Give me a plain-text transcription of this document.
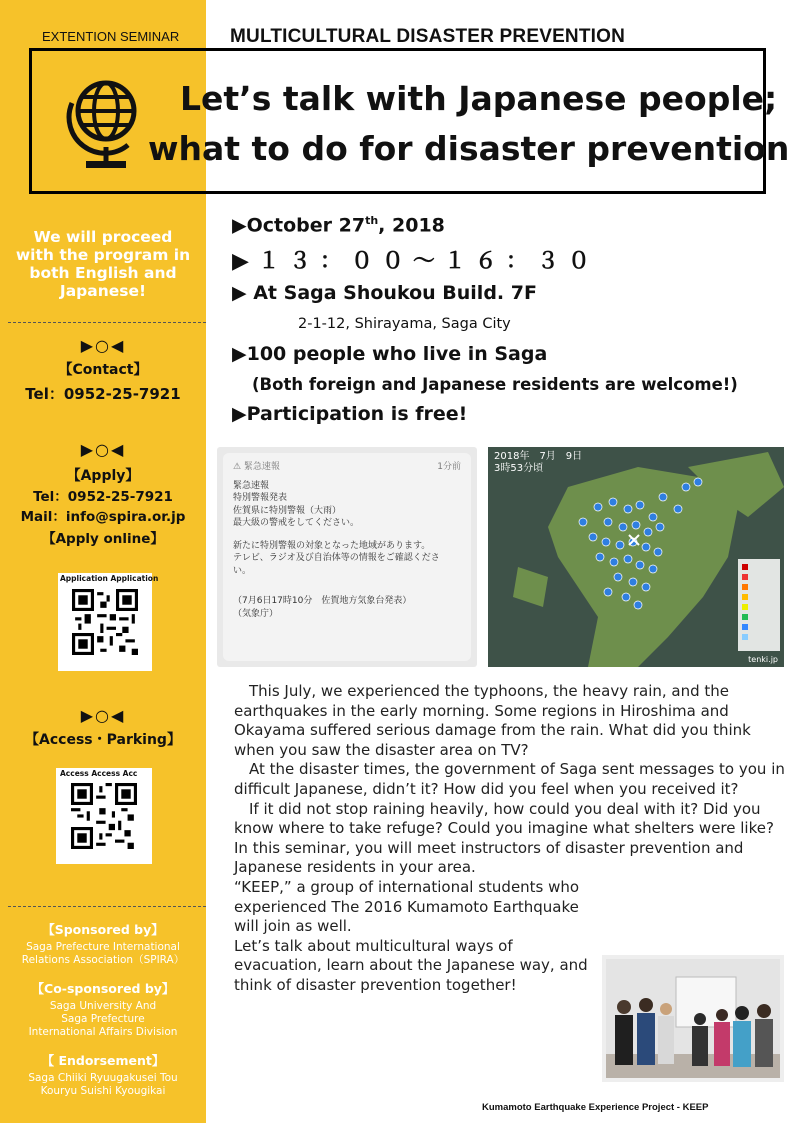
EXTENTION SEMINAR	MULTICULTURAL DISASTER PREVENTION
Let’s talk with Japanese people;
what to do for disaster prevention
We will proceed
with the program in
both English and
Japanese!
▶○◀
【Contact】
Tel：0952-25-7921
▶○◀
【Apply】
Tel：0952-25-7921
Mail：info@spira.or.jp
【Apply online】
Application Application
▶○◀
【Access・Parking】
Access Access Acc
【Sponsored by】
Saga Prefecture International
Relations Association（SPIRA）
【Co-sponsored by】
Saga University And
Saga Prefecture
International Affairs Division
【 Endorsement】
Saga Chiiki Ryuugakusei Tou
Kouryu Suishi Kyougikai
▶October 27th, 2018
▶１３：００～１６：３０
▶ At Saga Shoukou Build. 7F
2-1-12, Shirayama, Saga City
▶100 people who live in Saga
(Both foreign and Japanese residents are welcome!)
▶Participation is free!
⚠ 緊急速報	1分前
緊急速報
特別警報発表
佐賀県に特別警報（大雨）
最大級の警戒をしてください。
新たに特別警報の対象となった地域があります。
テレビ、ラジオ及び自治体等の情報をご確認ください。
（7月6日17時10分　佐賀地方気象台発表）
（気象庁）
2018年　7月　9日
3時53分頃
tenki.jp

　This July, we experienced the typhoons, the heavy rain, and the earthquakes in the early morning. Some regions in Hiroshima and Okayama suffered serious damage from the rain. What did you think when you saw the disaster area on TV?

　At the disaster times, the government of Saga sent messages to you in difficult Japanese, didn’t it? How did you feel when you received it?

　If it did not stop raining heavily, how could you deal with it? Did you know where to take refuge? Could you imagine what shelters were like?

In this seminar, you will meet instructors of disaster prevention and Japanese residents in your area.

“KEEP,” a group of international students who experienced The 2016 Kumamoto Earthquake will join as well.

Let’s talk about multicultural ways of evacuation, learn about the Japanese way, and think of disaster prevention together!

Kumamoto Earthquake Experience Project - KEEP
